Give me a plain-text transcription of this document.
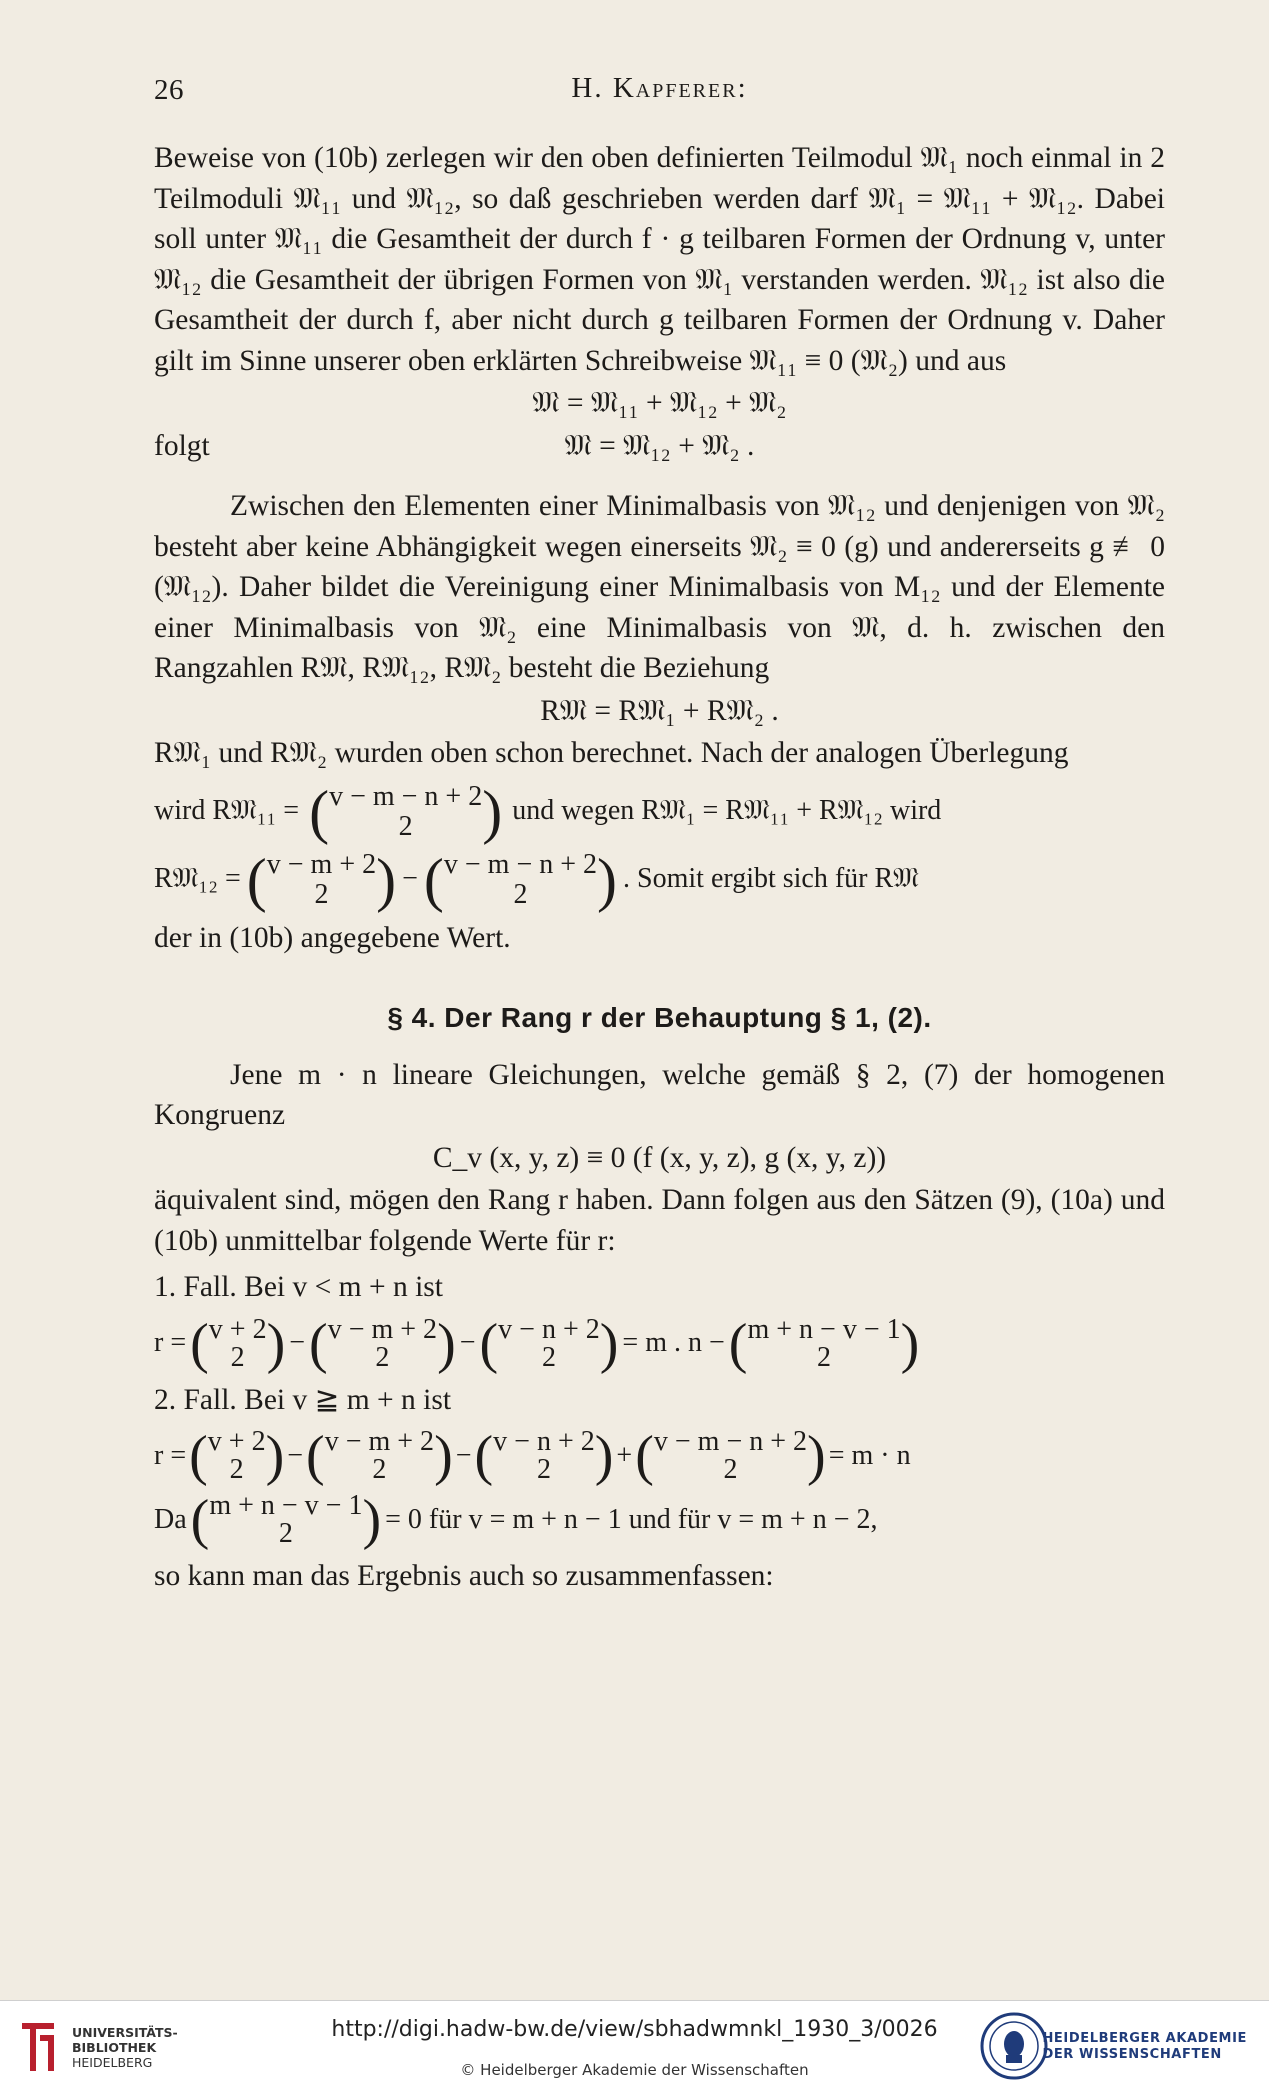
26	H. Kapferer:

Beweise von (10b) zerlegen wir den oben definierten Teilmodul 𝔐₁ noch einmal in 2 Teilmoduli 𝔐₁₁ und 𝔐₁₂, so daß geschrieben werden darf 𝔐₁ = 𝔐₁₁ + 𝔐₁₂. Dabei soll unter 𝔐₁₁ die Gesamtheit der durch f · g teilbaren Formen der Ordnung v, unter 𝔐₁₂ die Gesamtheit der übrigen Formen von 𝔐₁ verstanden werden. 𝔐₁₂ ist also die Gesamtheit der durch f, aber nicht durch g teilbaren Formen der Ordnung v. Daher gilt im Sinne unserer oben erklärten Schreibweise 𝔐₁₁ ≡ 0 (𝔐₂) und aus

𝔐 = 𝔐₁₁ + 𝔐₁₂ + 𝔐₂
folgt	𝔐 = 𝔐₁₂ + 𝔐₂ .

Zwischen den Elementen einer Minimalbasis von 𝔐₁₂ und denjenigen von 𝔐₂ besteht aber keine Abhängigkeit wegen einerseits 𝔐₂ ≡ 0 (g) und andererseits g ≢ 0 (𝔐₁₂). Daher bildet die Vereinigung einer Minimalbasis von M₁₂ und der Elemente einer Minimalbasis von 𝔐₂ eine Minimalbasis von 𝔐, d. h. zwischen den Rangzahlen R𝔐, R𝔐₁₂, R𝔐₂ besteht die Beziehung

R𝔐 = R𝔐₁ + R𝔐₂ .

R𝔐₁ und R𝔐₂ wurden oben schon berechnet. Nach der analogen Überlegung

wird R𝔐₁₁ = ( v − m − n + 2
2 ) und wegen R𝔐₁ = R𝔐₁₁ + R𝔐₁₂ wird
R𝔐₁₂ = ( v − m + 2
2 ) − ( v − m − n + 2
2 ) . Somit ergibt sich für R𝔐

der in (10b) angegebene Wert.

§ 4. Der Rang r der Behauptung § 1, (2).

Jene m · n lineare Gleichungen, welche gemäß § 2, (7) der homogenen Kongruenz

C_v (x, y, z) ≡ 0 (f (x, y, z), g (x, y, z))

äquivalent sind, mögen den Rang r haben. Dann folgen aus den Sätzen (9), (10a) und (10b) unmittelbar folgende Werte für r:

1. Fall. Bei v < m + n ist

r = ( v + 2
2 ) − ( v − m + 2
2 ) − ( v − n + 2
2 ) = m . n − ( m + n − v − 1
2 )

2. Fall. Bei v ≧ m + n ist

r = ( v + 2
2 ) − ( v − m + 2
2 ) − ( v − n + 2
2 ) + ( v − m − n + 2
2 ) = m · n
Da ( m + n − v − 1
2 ) = 0 für v = m + n − 1 und für v = m + n − 2,

so kann man das Ergebnis auch so zusammenfassen:

UNIVERSITÄTS-
BIBLIOTHEK
HEIDELBERG
http://digi.hadw-bw.de/view/sbhadwmnkl_1930_3/0026
© Heidelberger Akademie der Wissenschaften
HEIDELBERGER AKADEMIE
DER WISSENSCHAFTEN
